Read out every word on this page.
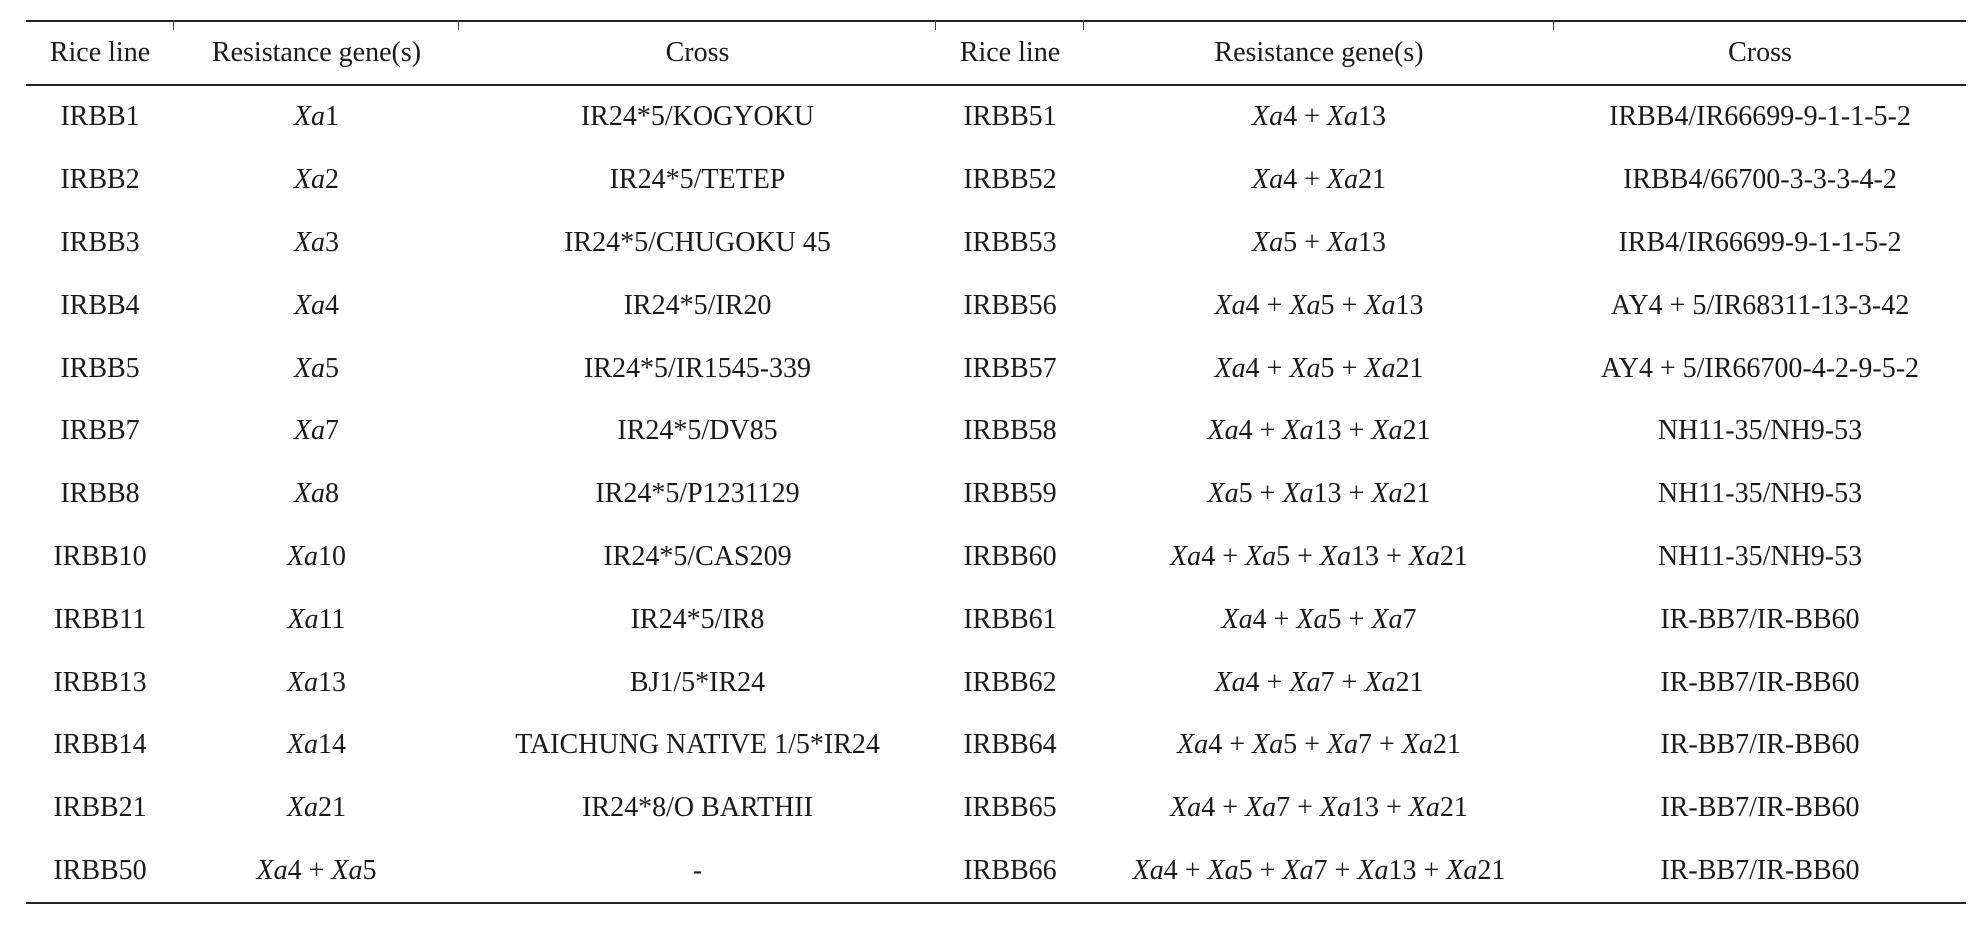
Rice line	Resistance gene(s)	Cross	Rice line	Resistance gene(s)	Cross
IRBB1	Xa1	IR24*5/KOGYOKU	IRBB51	Xa4 + Xa13	IRBB4/IR66699-9-1-1-5-2
IRBB2	Xa2	IR24*5/TETEP	IRBB52	Xa4 + Xa21	IRBB4/66700-3-3-3-4-2
IRBB3	Xa3	IR24*5/CHUGOKU 45	IRBB53	Xa5 + Xa13	IRB4/IR66699-9-1-1-5-2
IRBB4	Xa4	IR24*5/IR20	IRBB56	Xa4 + Xa5 + Xa13	AY4 + 5/IR68311-13-3-42
IRBB5	Xa5	IR24*5/IR1545-339	IRBB57	Xa4 + Xa5 + Xa21	AY4 + 5/IR66700-4-2-9-5-2
IRBB7	Xa7	IR24*5/DV85	IRBB58	Xa4 + Xa13 + Xa21	NH11-35/NH9-53
IRBB8	Xa8	IR24*5/P1231129	IRBB59	Xa5 + Xa13 + Xa21	NH11-35/NH9-53
IRBB10	Xa10	IR24*5/CAS209	IRBB60	Xa4 + Xa5 + Xa13 + Xa21	NH11-35/NH9-53
IRBB11	Xa11	IR24*5/IR8	IRBB61	Xa4 + Xa5 + Xa7	IR-BB7/IR-BB60
IRBB13	Xa13	BJ1/5*IR24	IRBB62	Xa4 + Xa7 + Xa21	IR-BB7/IR-BB60
IRBB14	Xa14	TAICHUNG NATIVE 1/5*IR24	IRBB64	Xa4 + Xa5 + Xa7 + Xa21	IR-BB7/IR-BB60
IRBB21	Xa21	IR24*8/O BARTHII	IRBB65	Xa4 + Xa7 + Xa13 + Xa21	IR-BB7/IR-BB60
IRBB50	Xa4 + Xa5	-	IRBB66	Xa4 + Xa5 + Xa7 + Xa13 + Xa21	IR-BB7/IR-BB60
